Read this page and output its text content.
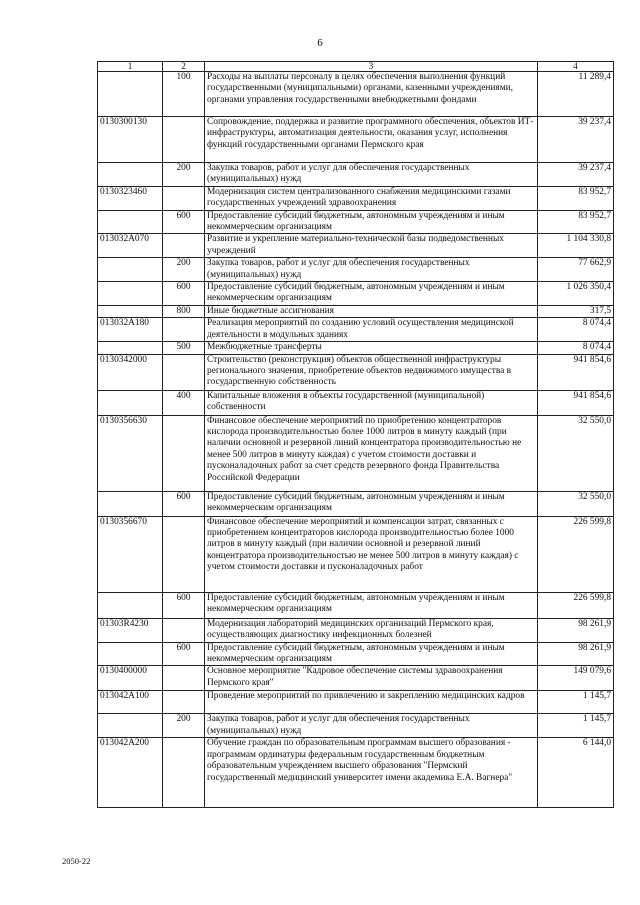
6
1	2	3	4
	100	Расходы на выплаты персоналу в целях обеспечения выполнения функций государственными (муниципальными) органами, казенными учреждениями, органами управления государственными внебюджетными фондами	11 289,4
0130300130		Сопровождение, поддержка и развитие программного обеспечения, объектов ИТ-инфраструктуры, автоматизация деятельности, оказания услуг, исполнения функций государственными органами Пермского края	39 237,4
	200	Закупка товаров, работ и услуг для обеспечения государственных (муниципальных) нужд	39 237,4
0130323460		Модернизация систем централизованного снабжения медицинскими газами государственных учреждений здравоохранения	83 952,7
	600	Предоставление субсидий бюджетным, автономным учреждениям и иным некоммерческим организациям	83 952,7
013032А070		Развитие и укрепление материально-технической базы подведомственных учреждений	1 104 330,8
	200	Закупка товаров, работ и услуг для обеспечения государственных (муниципальных) нужд	77 662,9
	600	Предоставление субсидий бюджетным, автономным учреждениям и иным некоммерческим организациям	1 026 350,4
	800	Иные бюджетные ассигнования	317,5
013032А180		Реализация мероприятий по созданию условий осуществления медицинской деятельности в модульных зданиях	8 074,4
	500	Межбюджетные трансферты	8 074,4
0130342000		Строительство (реконструкция) объектов общественной инфраструктуры регионального значения, приобретение объектов недвижимого имущества в государственную собственность	941 854,6
	400	Капитальные вложения в объекты государственной (муниципальной) собственности	941 854,6
0130356630		Финансовое обеспечение мероприятий по приобретению концентраторов кислорода производительностью более 1000 литров в минуту каждый (при наличии основной и резервной линий концентратора производительностью не менее 500 литров в минуту каждая) с учетом стоимости доставки и пусконаладочных работ за счет средств резервного фонда Правительства Российской Федерации	32 550,0
	600	Предоставление субсидий бюджетным, автономным учреждениям и иным некоммерческим организациям	32 550,0
0130356670		Финансовое обеспечение мероприятий и компенсации затрат, связанных с приобретением концентраторов кислорода производительностью более 1000 литров в минуту каждый (при наличии основной и резервной линий концентратора производительностью не менее 500 литров в минуту каждая) с учетом стоимости доставки и пусконаладочных работ	226 599,8
	600	Предоставление субсидий бюджетным, автономным учреждениям и иным некоммерческим организациям	226 599,8
01303R4230		Модернизация лабораторий медицинских организаций Пермского края, осуществляющих диагностику инфекционных болезней	98 261,9
	600	Предоставление субсидий бюджетным, автономным учреждениям и иным некоммерческим организациям	98 261,9
0130400000		Основное мероприятие "Кадровое обеспечение системы здравоохранения Пермского края"	149 079,6
013042А100		Проведение мероприятий по привлечению и закреплению медицинских кадров	1 145,7
	200	Закупка товаров, работ и услуг для обеспечения государственных (муниципальных) нужд	1 145,7
013042А200		Обучение граждан по образовательным программам высшего образования - программам ординатуры федеральным государственным бюджетным образовательным учреждением высшего образования "Пермский государственный медицинский университет имени академика Е.А. Вагнера"	6 144,0
2050-22
